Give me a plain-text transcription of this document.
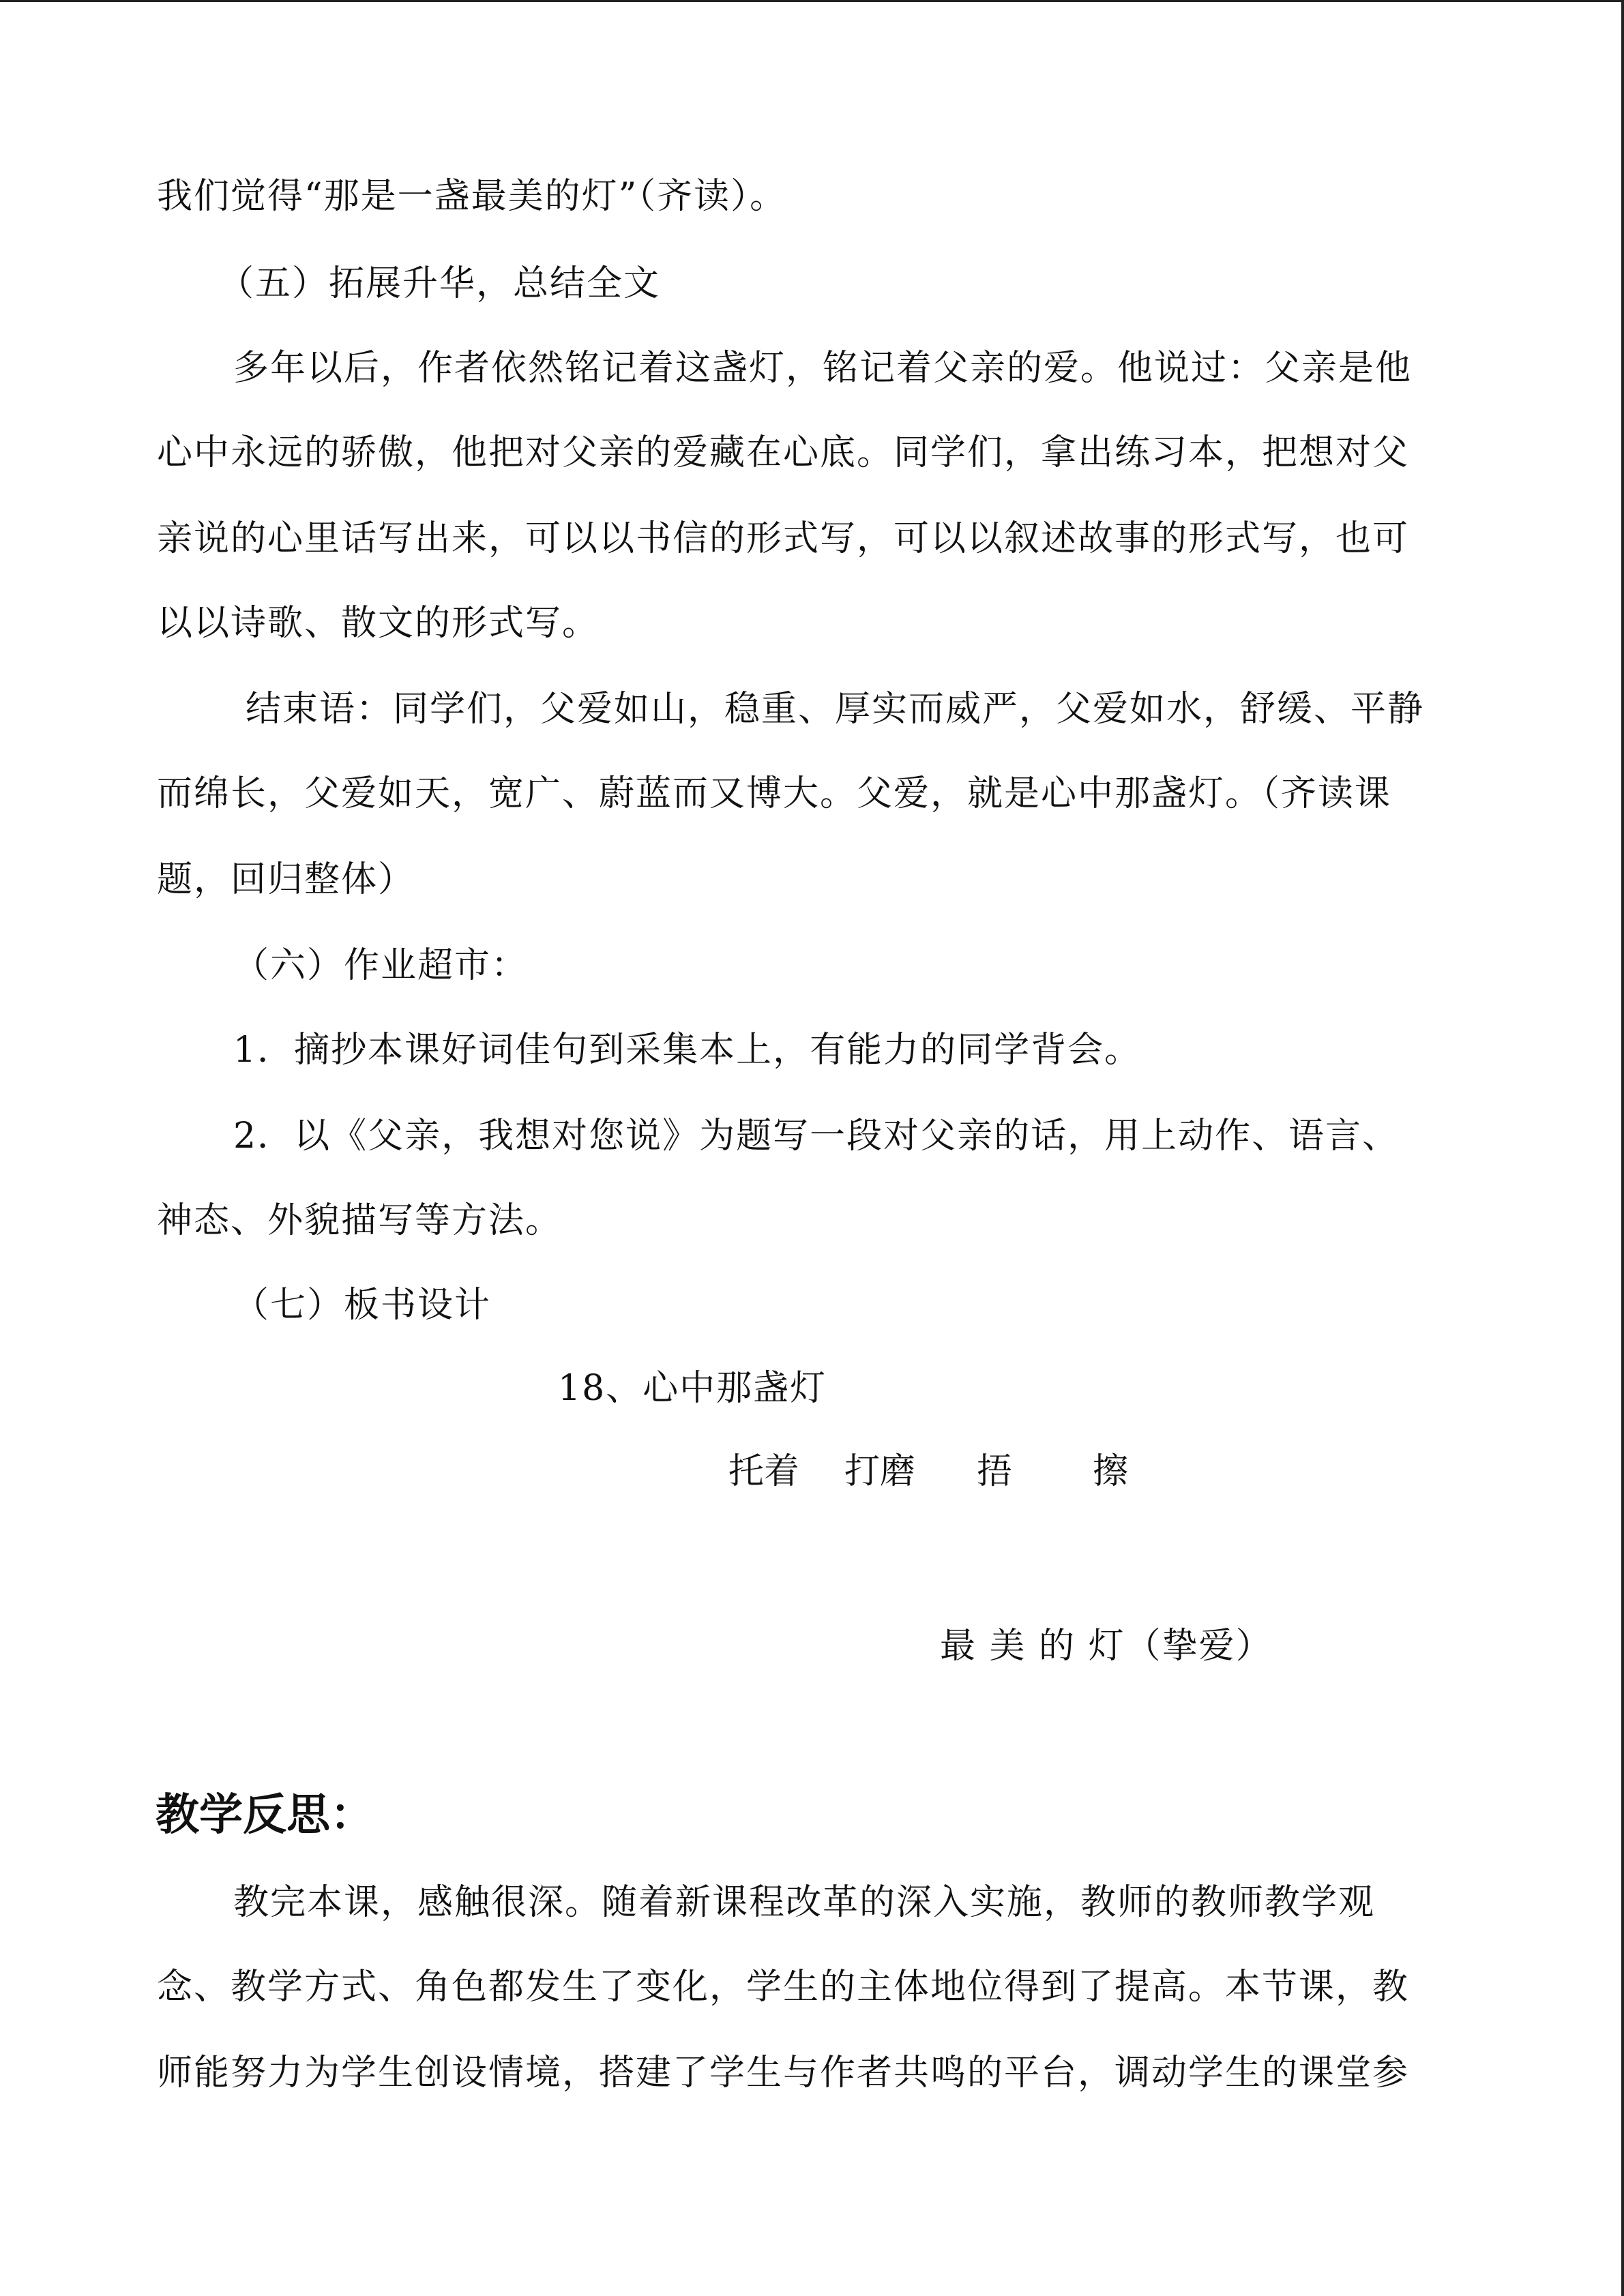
我们觉得“那是一盏最美的灯”（齐读）。

（五）拓展升华，总结全文

多年以后，作者依然铭记着这盏灯，铭记着父亲的爱。他说过：父亲是他

心中永远的骄傲，他把对父亲的爱藏在心底。同学们，拿出练习本，把想对父

亲说的心里话写出来，可以以书信的形式写，可以以叙述故事的形式写，也可

以以诗歌、散文的形式写。

结束语：同学们，父爱如山，稳重、厚实而威严，父爱如水，舒缓、平静

而绵长，父爱如天，宽广、蔚蓝而又博大。父爱，就是心中那盏灯。（齐读课

题，回归整体）

（六）作业超市：

1．摘抄本课好词佳句到采集本上，有能力的同学背会。

2．以《父亲，我想对您说》为题写一段对父亲的话，用上动作、语言、

神态、外貌描写等方法。

（七）板书设计

18、心中那盏灯

托着 打磨 捂 擦

最 美 的 灯（挚爱）

教学反思：

教完本课，感触很深。随着新课程改革的深入实施，教师的教师教学观

念、教学方式、角色都发生了变化，学生的主体地位得到了提高。本节课，教

师能努力为学生创设情境，搭建了学生与作者共鸣的平台，调动学生的课堂参
